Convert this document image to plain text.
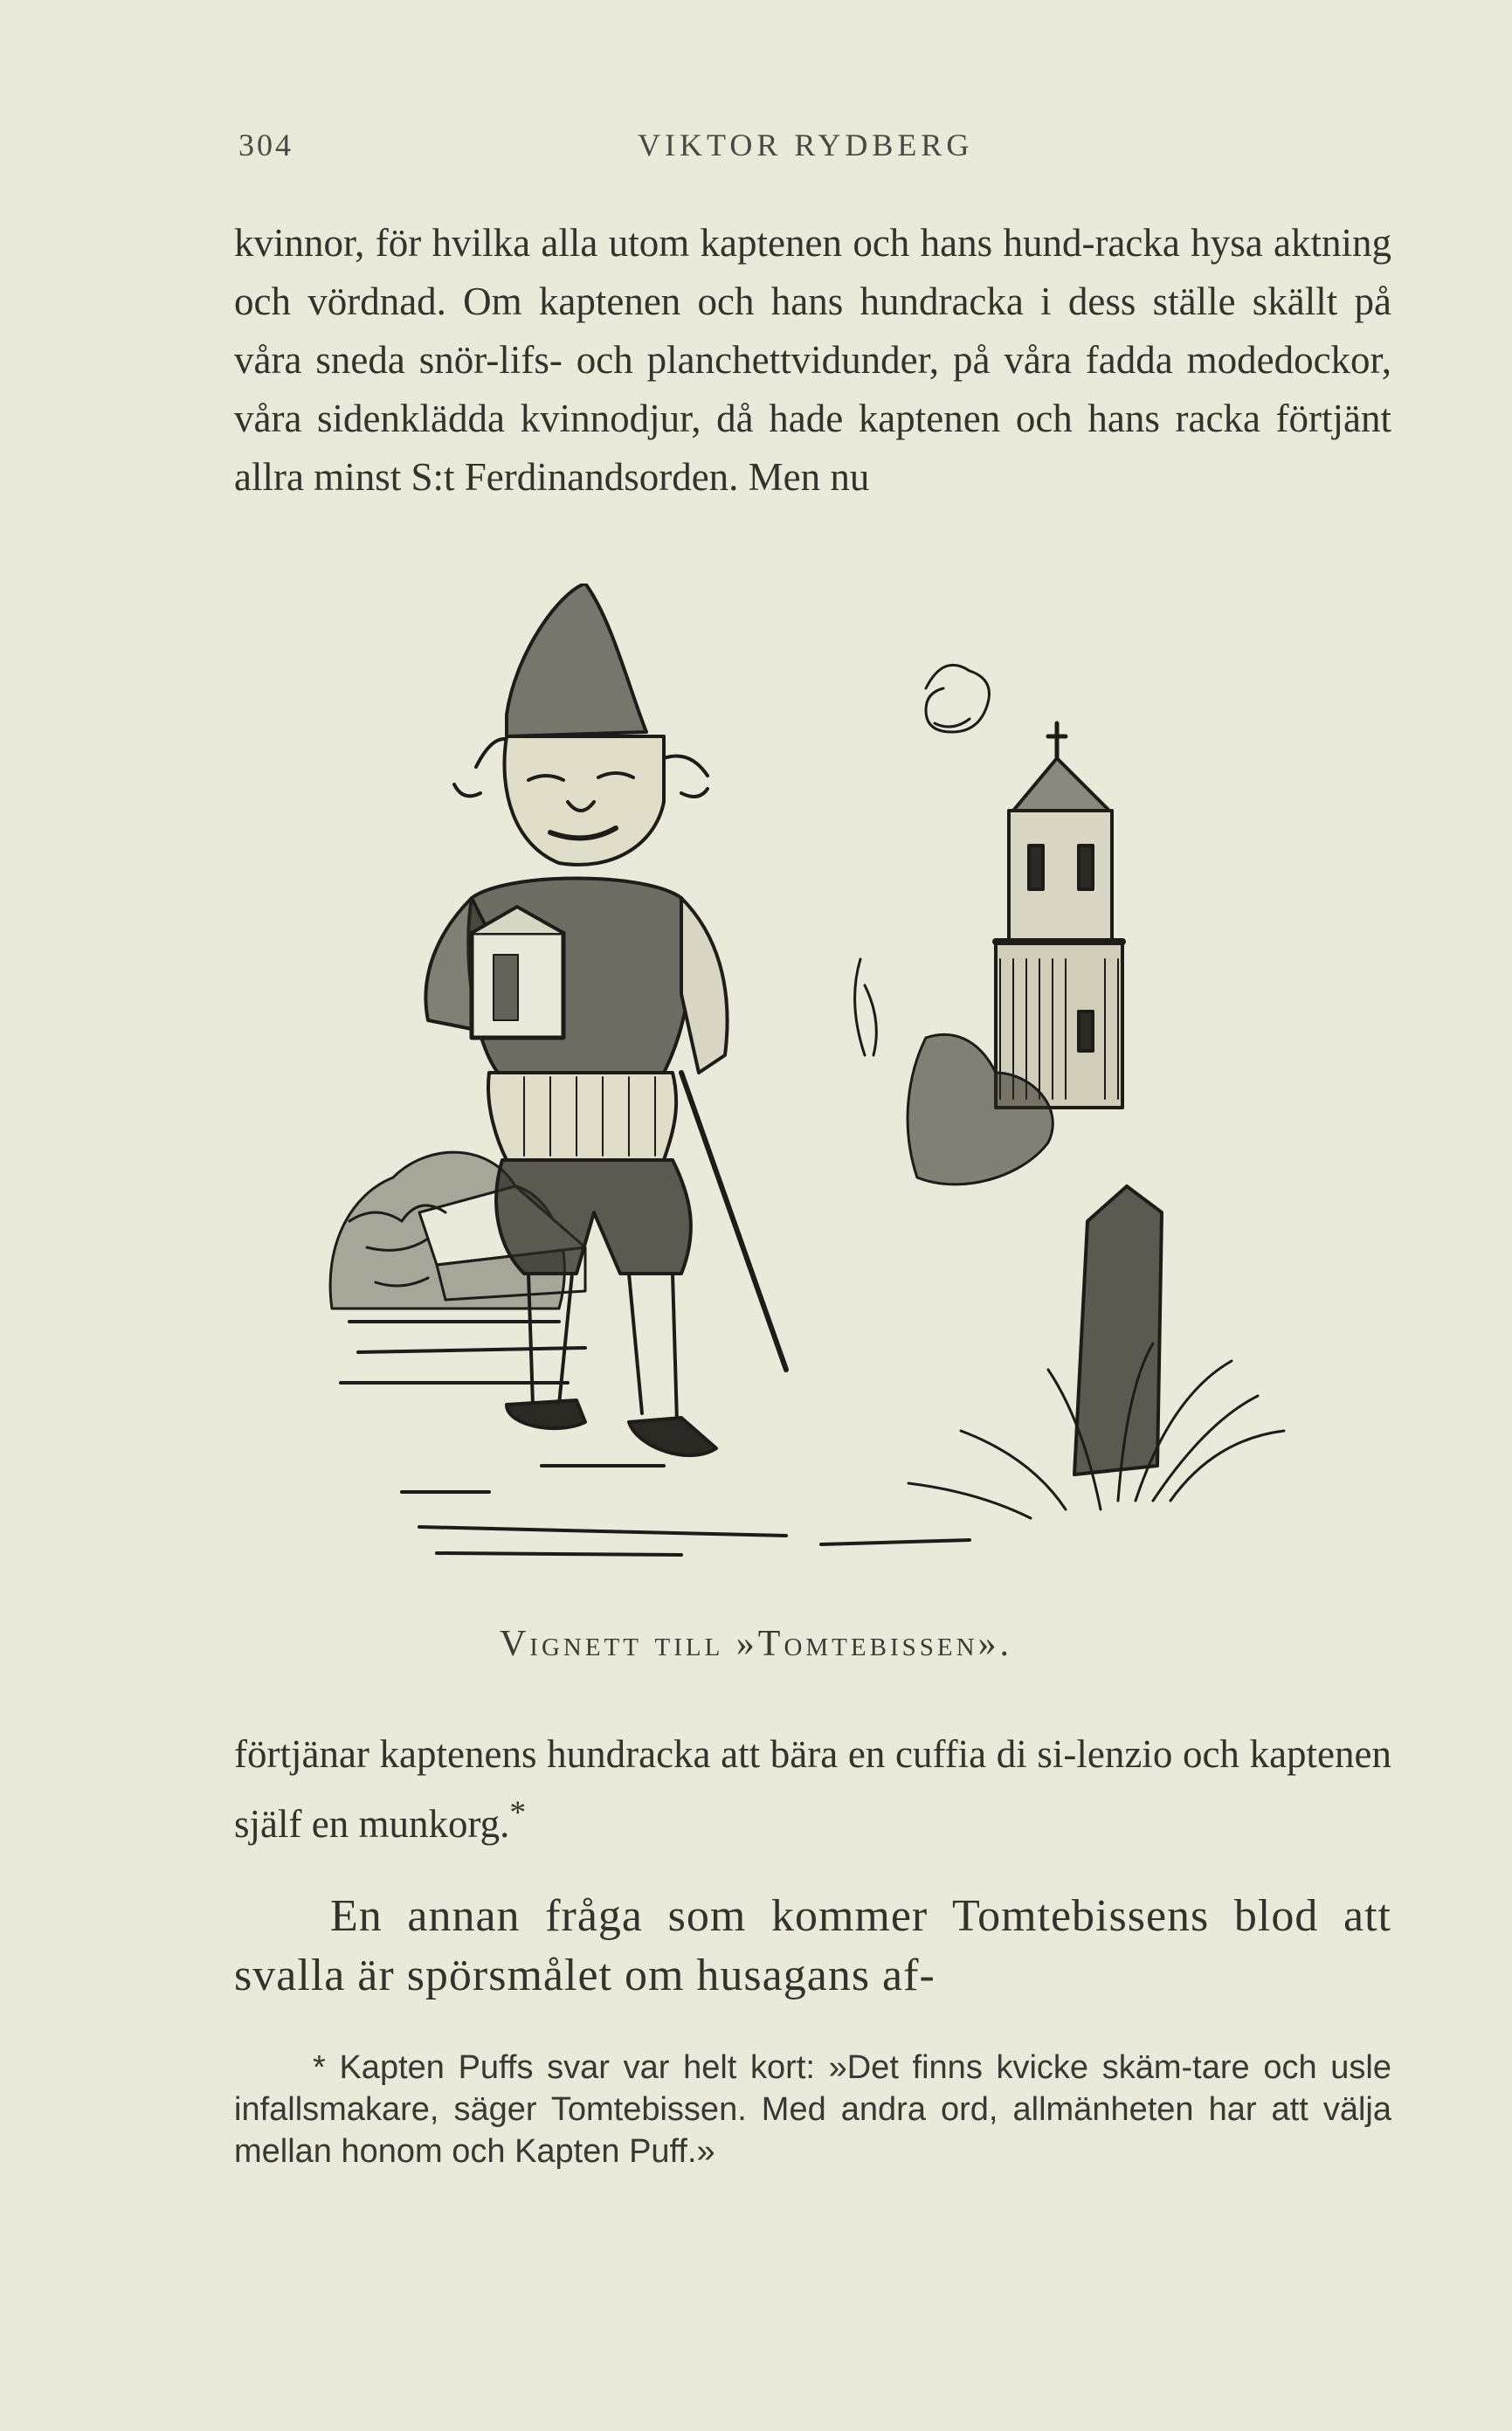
304	VIKTOR RYDBERG

kvinnor, för hvilka alla utom kaptenen och hans hund-racka hysa aktning och vördnad. Om kaptenen och hans hundracka i dess ställe skällt på våra sneda snör-lifs- och planchettvidunder, på våra fadda modedockor, våra sidenklädda kvinnodjur, då hade kaptenen och hans racka förtjänt allra minst S:t Ferdinandsorden. Men nu

Vignett till »Tomtebissen».

förtjänar kaptenens hundracka att bära en cuffia di si-lenzio och kaptenen själf en munkorg.*

En annan fråga som kommer Tomtebissens blod att svalla är spörsmålet om husagans af-

* Kapten Puffs svar var helt kort: »Det finns kvicke skäm-tare och usle infallsmakare, säger Tomtebissen. Med andra ord, allmänheten har att välja mellan honom och Kapten Puff.»
